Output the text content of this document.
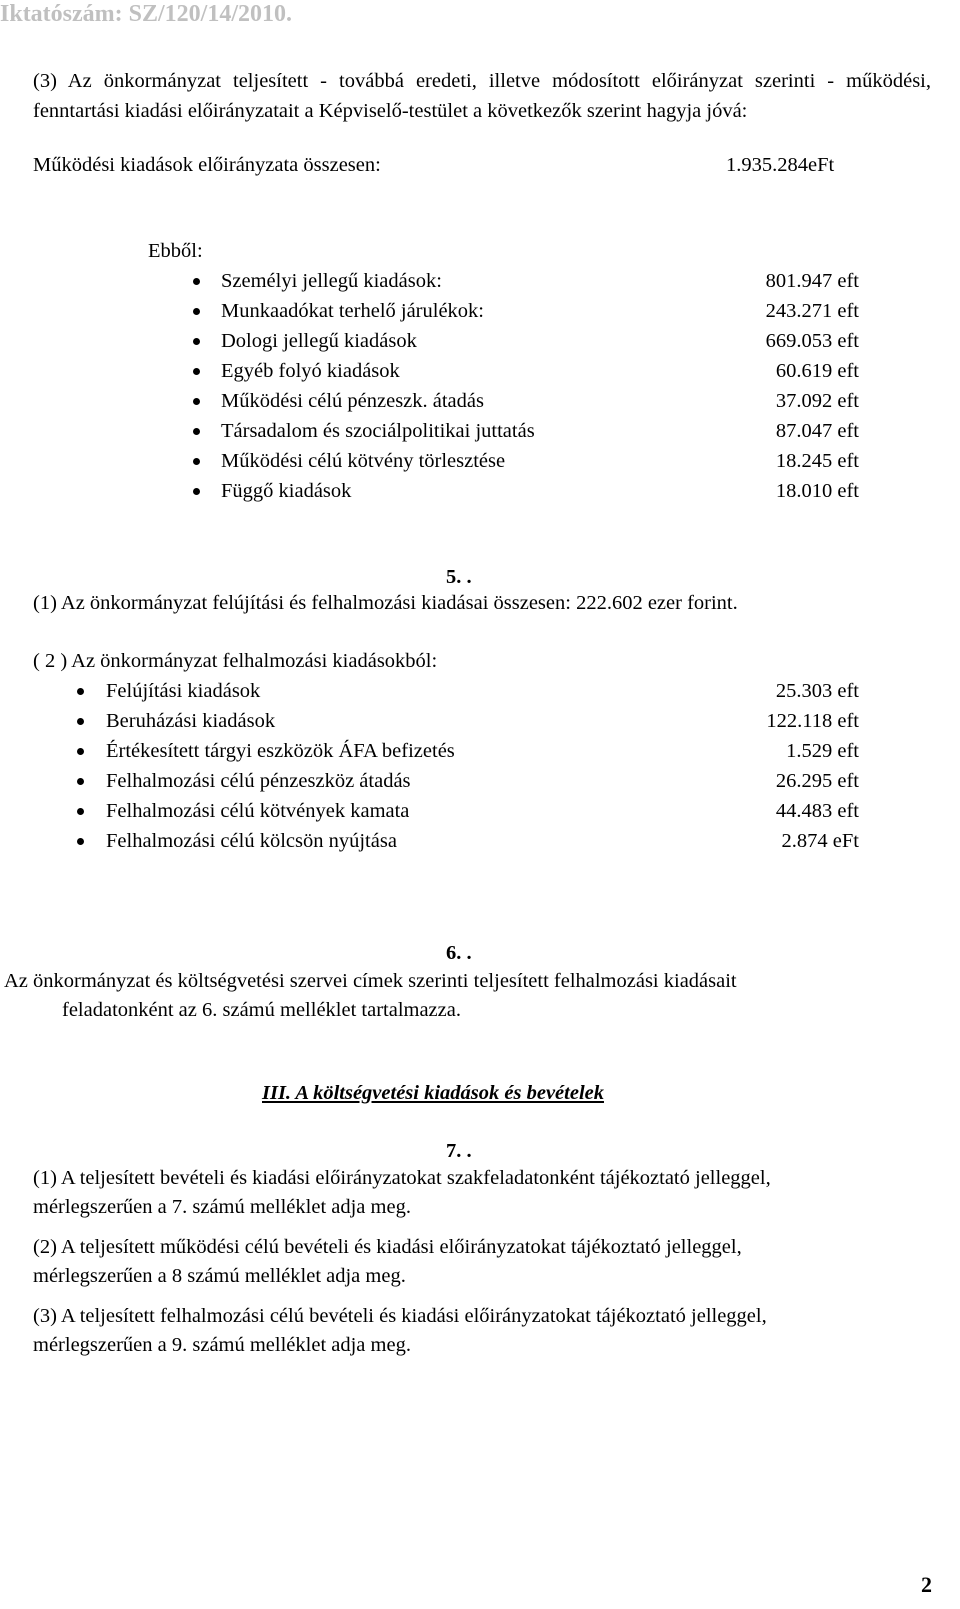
Iktatószám: SZ/120/14/2010.

(3) Az önkormányzat teljesített - továbbá eredeti, illetve módosított előirányzat szerinti - működési, fenntartási kiadási előirányzatait a Képviselő-testület a következők szerint hagyja jóvá:

Működési kiadások előirányzata összesen:	1.935.284eFt
Ebből:
Személyi jellegű kiadások:	801.947 eft
Munkaadókat terhelő járulékok:	243.271 eft
Dologi jellegű kiadások	669.053 eft
Egyéb folyó kiadások	60.619 eft
Működési célú pénzeszk. átadás	37.092 eft
Társadalom és szociálpolitikai juttatás	87.047 eft
Működési célú kötvény törlesztése	18.245 eft
Függő kiadások	18.010 eft
5. .
(1) Az önkormányzat felújítási és felhalmozási kiadásai összesen: 222.602 ezer forint.
( 2 ) Az önkormányzat felhalmozási kiadásokból:
Felújítási kiadások	25.303 eft
Beruházási kiadások	122.118 eft
Értékesített tárgyi eszközök ÁFA befizetés	1.529 eft
Felhalmozási célú pénzeszköz átadás	26.295 eft
Felhalmozási célú kötvények kamata	44.483 eft
Felhalmozási célú kölcsön nyújtása	2.874 eFt
6. .
Az önkormányzat és költségvetési szervei címek szerinti teljesített felhalmozási kiadásait
feladatonként az 6. számú melléklet tartalmazza.
III. A költségvetési kiadások és bevételek
7. .
(1) A teljesített bevételi és kiadási előirányzatokat szakfeladatonként tájékoztató jelleggel,
mérlegszerűen a 7. számú melléklet adja meg.
(2) A teljesített működési célú bevételi és kiadási előirányzatokat tájékoztató jelleggel,
mérlegszerűen a 8 számú melléklet adja meg.
(3) A teljesített felhalmozási célú bevételi és kiadási előirányzatokat tájékoztató jelleggel,
mérlegszerűen a 9. számú melléklet adja meg.
2
